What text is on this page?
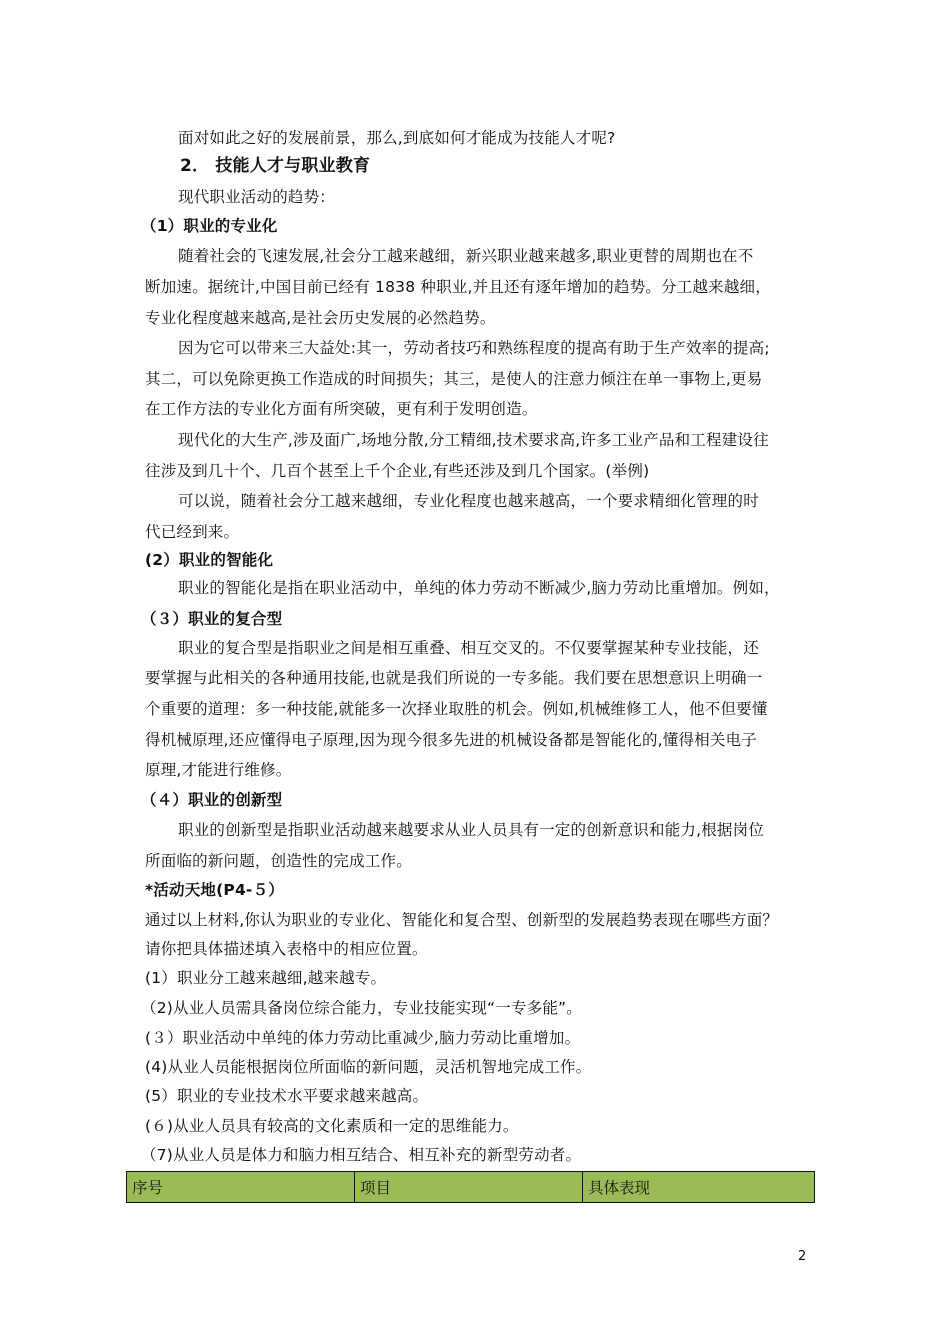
面对如此之好的发展前景，那么,到底如何才能成为技能人才呢?
2． 技能人才与职业教育
现代职业活动的趋势：
（1）职业的专业化
随着社会的飞速发展,社会分工越来越细，新兴职业越来越多,职业更替的周期也在不
断加速。据统计,中国目前已经有 1838 种职业,并且还有逐年增加的趋势。分工越来越细，
专业化程度越来越高,是社会历史发展的必然趋势。
因为它可以带来三大益处:其一，劳动者技巧和熟练程度的提高有助于生产效率的提高;
其二，可以免除更换工作造成的时间损失；其三，是使人的注意力倾注在单一事物上,更易
在工作方法的专业化方面有所突破，更有利于发明创造。
现代化的大生产,涉及面广,场地分散,分工精细,技术要求高,许多工业产品和工程建设往
往涉及到几十个、几百个甚至上千个企业,有些还涉及到几个国家。(举例)
可以说，随着社会分工越来越细，专业化程度也越来越高，一个要求精细化管理的时
代已经到来。
(2）职业的智能化
职业的智能化是指在职业活动中，单纯的体力劳动不断减少,脑力劳动比重增加。例如，
（３）职业的复合型
职业的复合型是指职业之间是相互重叠、相互交叉的。不仅要掌握某种专业技能，还
要掌握与此相关的各种通用技能,也就是我们所说的一专多能。我们要在思想意识上明确一
个重要的道理：多一种技能,就能多一次择业取胜的机会。例如,机械维修工人，他不但要懂
得机械原理,还应懂得电子原理,因为现今很多先进的机械设备都是智能化的,懂得相关电子
原理,才能进行维修。
（４）职业的创新型
职业的创新型是指职业活动越来越要求从业人员具有一定的创新意识和能力,根据岗位
所面临的新问题，创造性的完成工作。
*活动天地(P4-５）
通过以上材料,你认为职业的专业化、智能化和复合型、创新型的发展趋势表现在哪些方面？
请你把具体描述填入表格中的相应位置。
(1）职业分工越来越细,越来越专。
（2)从业人员需具备岗位综合能力，专业技能实现“一专多能”。
(３）职业活动中单纯的体力劳动比重减少,脑力劳动比重增加。
(4)从业人员能根据岗位所面临的新问题，灵活机智地完成工作。
(5）职业的专业技术水平要求越来越高。
(６)从业人员具有较高的文化素质和一定的思维能力。
（7)从业人员是体力和脑力相互结合、相互补充的新型劳动者。
序号	项目	具体表现
2
